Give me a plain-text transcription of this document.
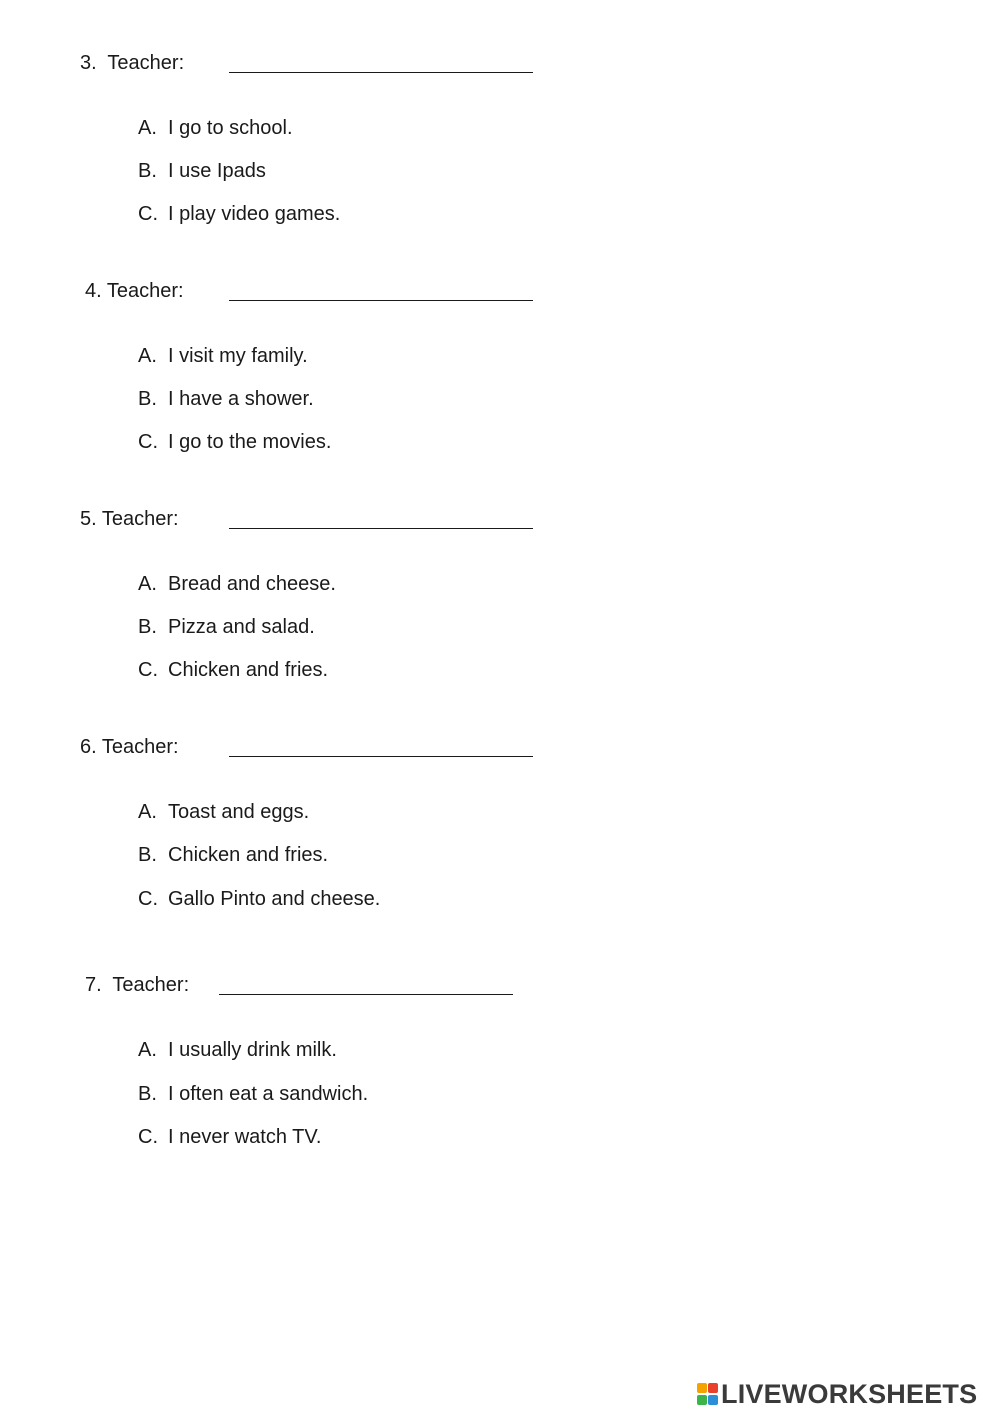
3.  Teacher:
A. I go to school.
B. I use Ipads
C. I play video games.
4. Teacher:
A. I visit my family.
B. I have a shower.
C. I go to the movies.
5. Teacher:
A. Bread and cheese.
B. Pizza and salad.
C. Chicken and fries.
6. Teacher:
A. Toast and eggs.
B. Chicken and fries.
C. Gallo Pinto and cheese.
7.  Teacher:
A. I usually drink milk.
B. I often eat a sandwich.
C. I never watch TV.
LIVEWORKSHEETS
